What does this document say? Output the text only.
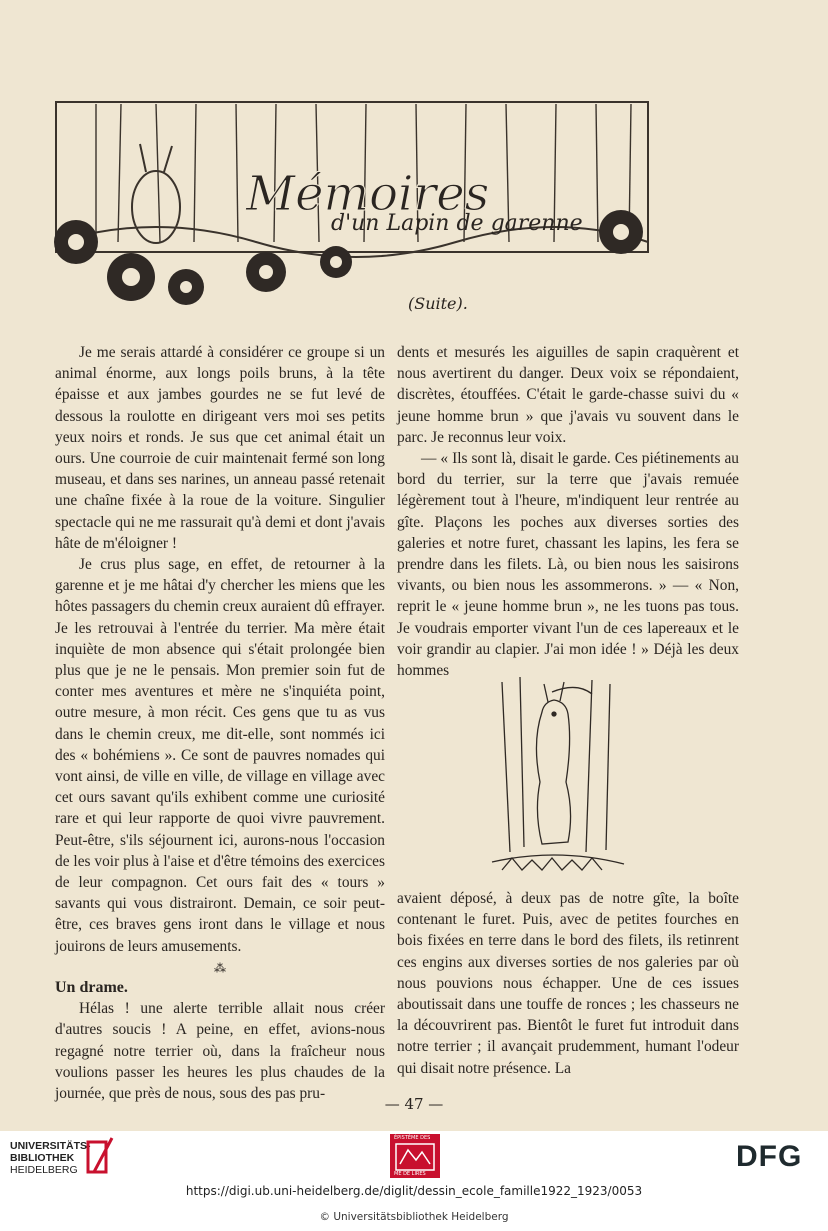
Mémoires
d'un Lapin de garenne
(Suite).

Je me serais attardé à considérer ce groupe si un animal énorme, aux longs poils bruns, à la tête épaisse et aux jambes gourdes ne se fut levé de dessous la roulotte en dirigeant vers moi ses petits yeux noirs et ronds. Je sus que cet animal était un ours. Une courroie de cuir maintenait fermé son long museau, et dans ses narines, un anneau passé retenait une chaîne fixée à la roue de la voiture. Singulier spectacle qui ne me rassurait qu'à demi et dont j'avais hâte de m'éloigner !

Je crus plus sage, en effet, de retourner à la garenne et je me hâtai d'y chercher les miens que les hôtes passagers du chemin creux auraient dû effrayer. Je les retrouvai à l'entrée du terrier. Ma mère était inquiète de mon absence qui s'était prolongée bien plus que je ne le pensais. Mon premier soin fut de conter mes aventures et mère ne s'inquiéta point, outre mesure, à mon récit. Ces gens que tu as vus dans le chemin creux, me dit-elle, sont nommés ici des « bohémiens ». Ce sont de pauvres nomades qui vont ainsi, de ville en ville, de village en village avec cet ours savant qu'ils exhibent comme une curiosité rare et qui leur rapporte de quoi vivre pauvrement. Peut-être, s'ils séjournent ici, aurons-nous l'occasion de les voir plus à l'aise et d'être témoins des exercices de leur compagnon. Cet ours fait des « tours » savants qui vous distrairont. Demain, ce soir peut-être, ces braves gens iront dans le village et nous jouirons de leurs amusements.

⁂

Un drame.

Hélas ! une alerte terrible allait nous créer d'autres soucis ! A peine, en effet, avions-nous regagné notre terrier où, dans la fraîcheur nous voulions passer les heures les plus chaudes de la journée, que près de nous, sous des pas pru-

dents et mesurés les aiguilles de sapin craquèrent et nous avertirent du danger. Deux voix se répondaient, discrètes, étouffées. C'était le garde-chasse suivi du « jeune homme brun » que j'avais vu souvent dans le parc. Je reconnus leur voix.

— « Ils sont là, disait le garde. Ces piétinements au bord du terrier, sur la terre que j'avais remuée légèrement tout à l'heure, m'indiquent leur rentrée au gîte. Plaçons les poches aux diverses sorties des galeries et notre furet, chassant les lapins, les fera se prendre dans les filets. Là, ou bien nous les saisirons vivants, ou bien nous les assommerons. » — « Non, reprit le « jeune homme brun », ne les tuons pas tous. Je voudrais emporter vivant l'un de ces lapereaux et le voir grandir au clapier. J'ai mon idée ! » Déjà les deux hommes

avaient déposé, à deux pas de notre gîte, la boîte contenant le furet. Puis, avec de petites fourches en bois fixées en terre dans le bord des filets, ils retinrent ces engins aux diverses sorties de nos galeries par où nous pouvions nous échapper. Une de ces issues aboutissait dans une touffe de ronces ; les chasseurs ne la découvrirent pas. Bientôt le furet fut introduit dans notre terrier ; il avançait prudemment, humant l'odeur qui disait notre présence. La

— 47 —
UNIVERSITÄTS-
BIBLIOTHEK
HEIDELBERG
ÉPISTÈME DES
ME DE LIRES
DFG
https://digi.ub.uni-heidelberg.de/diglit/dessin_ecole_famille1922_1923/0053
© Universitätsbibliothek Heidelberg
